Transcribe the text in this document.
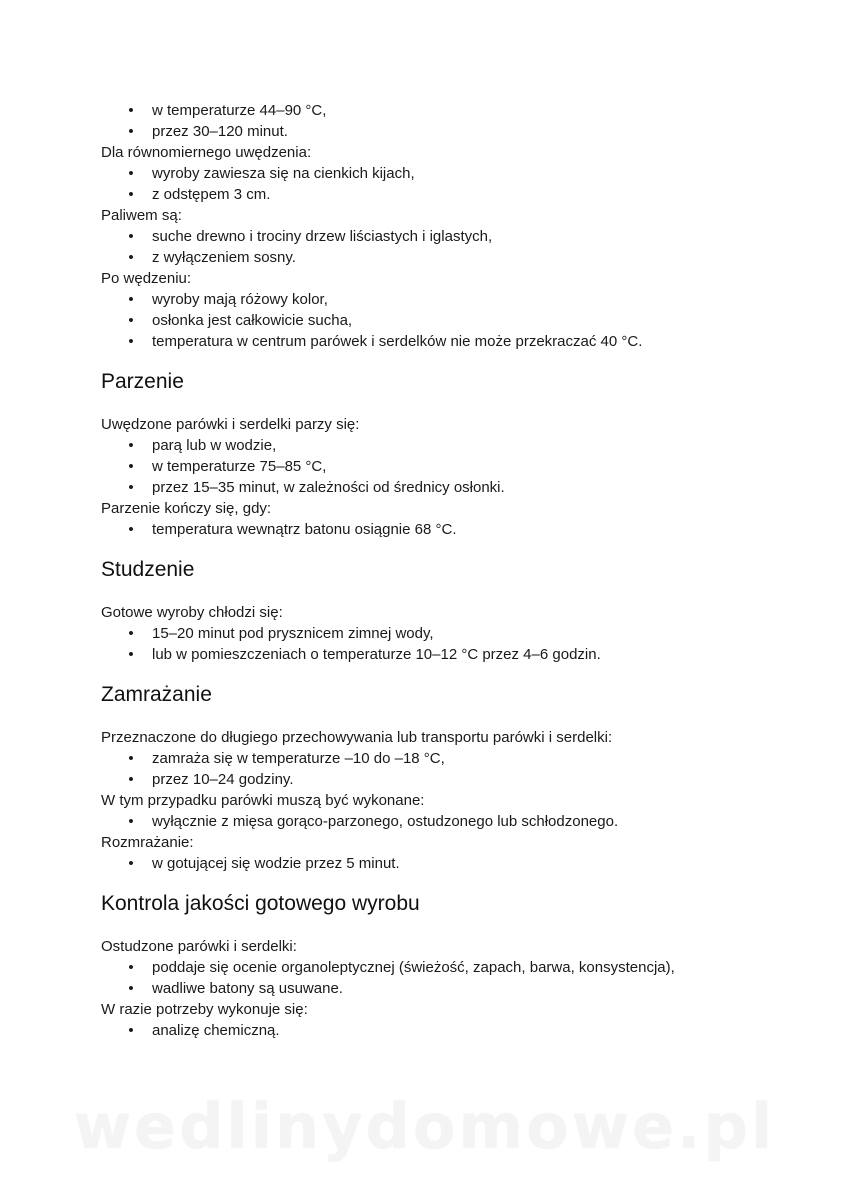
• w temperaturze 44–90 °C,
• przez 30–120 minut.
Dla równomiernego uwędzenia:
• wyroby zawiesza się na cienkich kijach,
• z odstępem 3 cm.
Paliwem są:
• suche drewno i trociny drzew liściastych i iglastych,
• z wyłączeniem sosny.
Po wędzeniu:
• wyroby mają różowy kolor,
• osłonka jest całkowicie sucha,
• temperatura w centrum parówek i serdelków nie może przekraczać 40 °C.
Parzenie
Uwędzone parówki i serdelki parzy się:
• parą lub w wodzie,
• w temperaturze 75–85 °C,
• przez 15–35 minut, w zależności od średnicy osłonki.
Parzenie kończy się, gdy:
• temperatura wewnątrz batonu osiągnie 68 °C.
Studzenie
Gotowe wyroby chłodzi się:
• 15–20 minut pod prysznicem zimnej wody,
• lub w pomieszczeniach o temperaturze 10–12 °C przez 4–6 godzin.
Zamrażanie
Przeznaczone do długiego przechowywania lub transportu parówki i serdelki:
• zamraża się w temperaturze –10 do –18 °C,
• przez 10–24 godziny.
W tym przypadku parówki muszą być wykonane:
• wyłącznie z mięsa gorąco-parzonego, ostudzonego lub schłodzonego.
Rozmrażanie:
• w gotującej się wodzie przez 5 minut.
Kontrola jakości gotowego wyrobu
Ostudzone parówki i serdelki:
• poddaje się ocenie organoleptycznej (świeżość, zapach, barwa, konsystencja),
• wadliwe batony są usuwane.
W razie potrzeby wykonuje się:
• analizę chemiczną.
wedlinydomowe.pl
